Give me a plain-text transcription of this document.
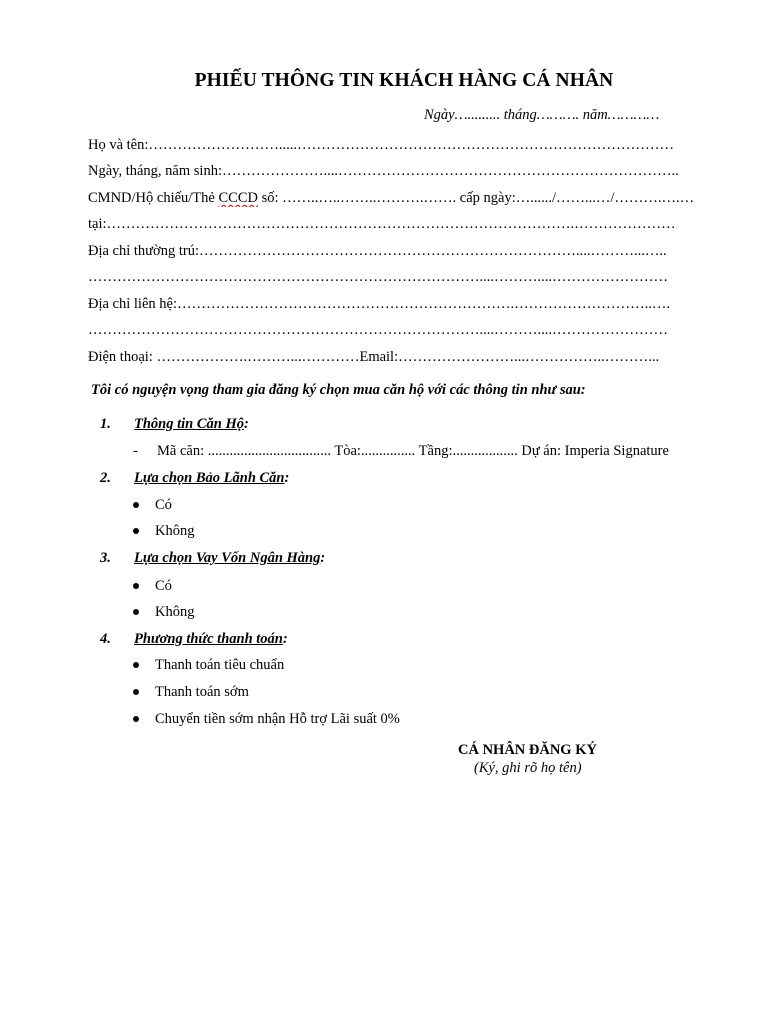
PHIẾU THÔNG TIN KHÁCH HÀNG CÁ NHÂN
Ngày…......... tháng………. năm…………
Họ và tên:……………………….....……………………………………………………………………
Ngày, tháng, năm sinh:…………………....……………………………………………………………..
CMND/Hộ chiếu/Thẻ CCCD số: ……..…..……..……….……. cấp ngày:…....../……...…/……….….…
tại:…………………………………………………………………………………….…………………
Địa chỉ thường trú:……………………………………………………………………....………...…..
………………………………………………………………………....………....……………………
Địa chỉ liên hệ:…………………………………………………………….………………………..….
………………………………………………………………………....………....……………………
Điện thoại: ……………….………...…………Email:……………………...……………..………...
Tôi có nguyện vọng tham gia đăng ký chọn mua căn hộ với các thông tin như sau:
1. Thông tin Căn Hộ:
- Mã căn: .................................. Tòa:............... Tầng:.................. Dự án: Imperia Signature
2. Lựa chọn Bảo Lãnh Căn:
Có
Không
3. Lựa chọn Vay Vốn Ngân Hàng:
Có
Không
4. Phương thức thanh toán:
Thanh toán tiêu chuẩn
Thanh toán sớm
Chuyển tiền sớm nhận Hỗ trợ Lãi suất 0%
CÁ NHÂN ĐĂNG KÝ
(Ký, ghi rõ họ tên)
